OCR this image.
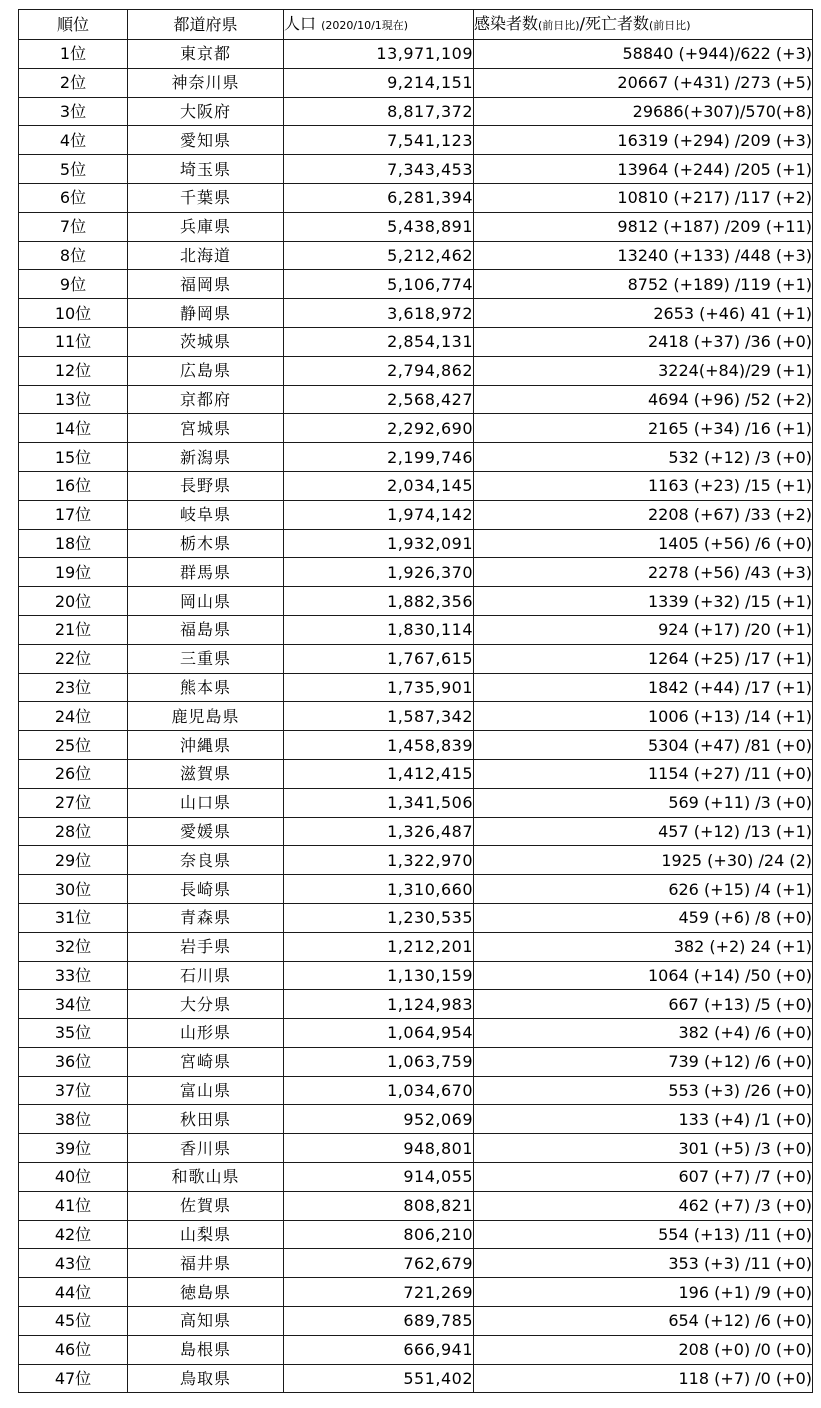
順位	都道府県	人口 (2020/10/1現在)	感染者数(前日比)/死亡者数(前日比)
1位	東京都	13,971,109	58840 (+944)/622 (+3)
2位	神奈川県	9,214,151	20667 (+431) /273 (+5)
3位	大阪府	8,817,372	29686(+307)/570(+8)
4位	愛知県	7,541,123	16319 (+294) /209 (+3)
5位	埼玉県	7,343,453	13964 (+244) /205 (+1)
6位	千葉県	6,281,394	10810 (+217) /117 (+2)
7位	兵庫県	5,438,891	9812 (+187) /209 (+11)
8位	北海道	5,212,462	13240 (+133) /448 (+3)
9位	福岡県	5,106,774	8752 (+189) /119 (+1)
10位	静岡県	3,618,972	2653 (+46) 41 (+1)
11位	茨城県	2,854,131	2418 (+37) /36 (+0)
12位	広島県	2,794,862	3224(+84)/29 (+1)
13位	京都府	2,568,427	4694 (+96) /52 (+2)
14位	宮城県	2,292,690	2165 (+34) /16 (+1)
15位	新潟県	2,199,746	532 (+12) /3 (+0)
16位	長野県	2,034,145	1163 (+23) /15 (+1)
17位	岐阜県	1,974,142	2208 (+67) /33 (+2)
18位	栃木県	1,932,091	1405 (+56) /6 (+0)
19位	群馬県	1,926,370	2278 (+56) /43 (+3)
20位	岡山県	1,882,356	1339 (+32) /15 (+1)
21位	福島県	1,830,114	924 (+17) /20 (+1)
22位	三重県	1,767,615	1264 (+25) /17 (+1)
23位	熊本県	1,735,901	1842 (+44) /17 (+1)
24位	鹿児島県	1,587,342	1006 (+13) /14 (+1)
25位	沖縄県	1,458,839	5304 (+47) /81 (+0)
26位	滋賀県	1,412,415	1154 (+27) /11 (+0)
27位	山口県	1,341,506	569 (+11) /3 (+0)
28位	愛媛県	1,326,487	457 (+12) /13 (+1)
29位	奈良県	1,322,970	1925 (+30) /24 (2)
30位	長崎県	1,310,660	626 (+15) /4 (+1)
31位	青森県	1,230,535	459 (+6) /8 (+0)
32位	岩手県	1,212,201	382 (+2) 24 (+1)
33位	石川県	1,130,159	1064 (+14) /50 (+0)
34位	大分県	1,124,983	667 (+13) /5 (+0)
35位	山形県	1,064,954	382 (+4) /6 (+0)
36位	宮崎県	1,063,759	739 (+12) /6 (+0)
37位	富山県	1,034,670	553 (+3) /26 (+0)
38位	秋田県	952,069	133 (+4) /1 (+0)
39位	香川県	948,801	301 (+5) /3 (+0)
40位	和歌山県	914,055	607 (+7) /7 (+0)
41位	佐賀県	808,821	462 (+7) /3 (+0)
42位	山梨県	806,210	554 (+13) /11 (+0)
43位	福井県	762,679	353 (+3) /11 (+0)
44位	徳島県	721,269	196 (+1) /9 (+0)
45位	高知県	689,785	654 (+12) /6 (+0)
46位	島根県	666,941	208 (+0) /0 (+0)
47位	鳥取県	551,402	118 (+7) /0 (+0)
